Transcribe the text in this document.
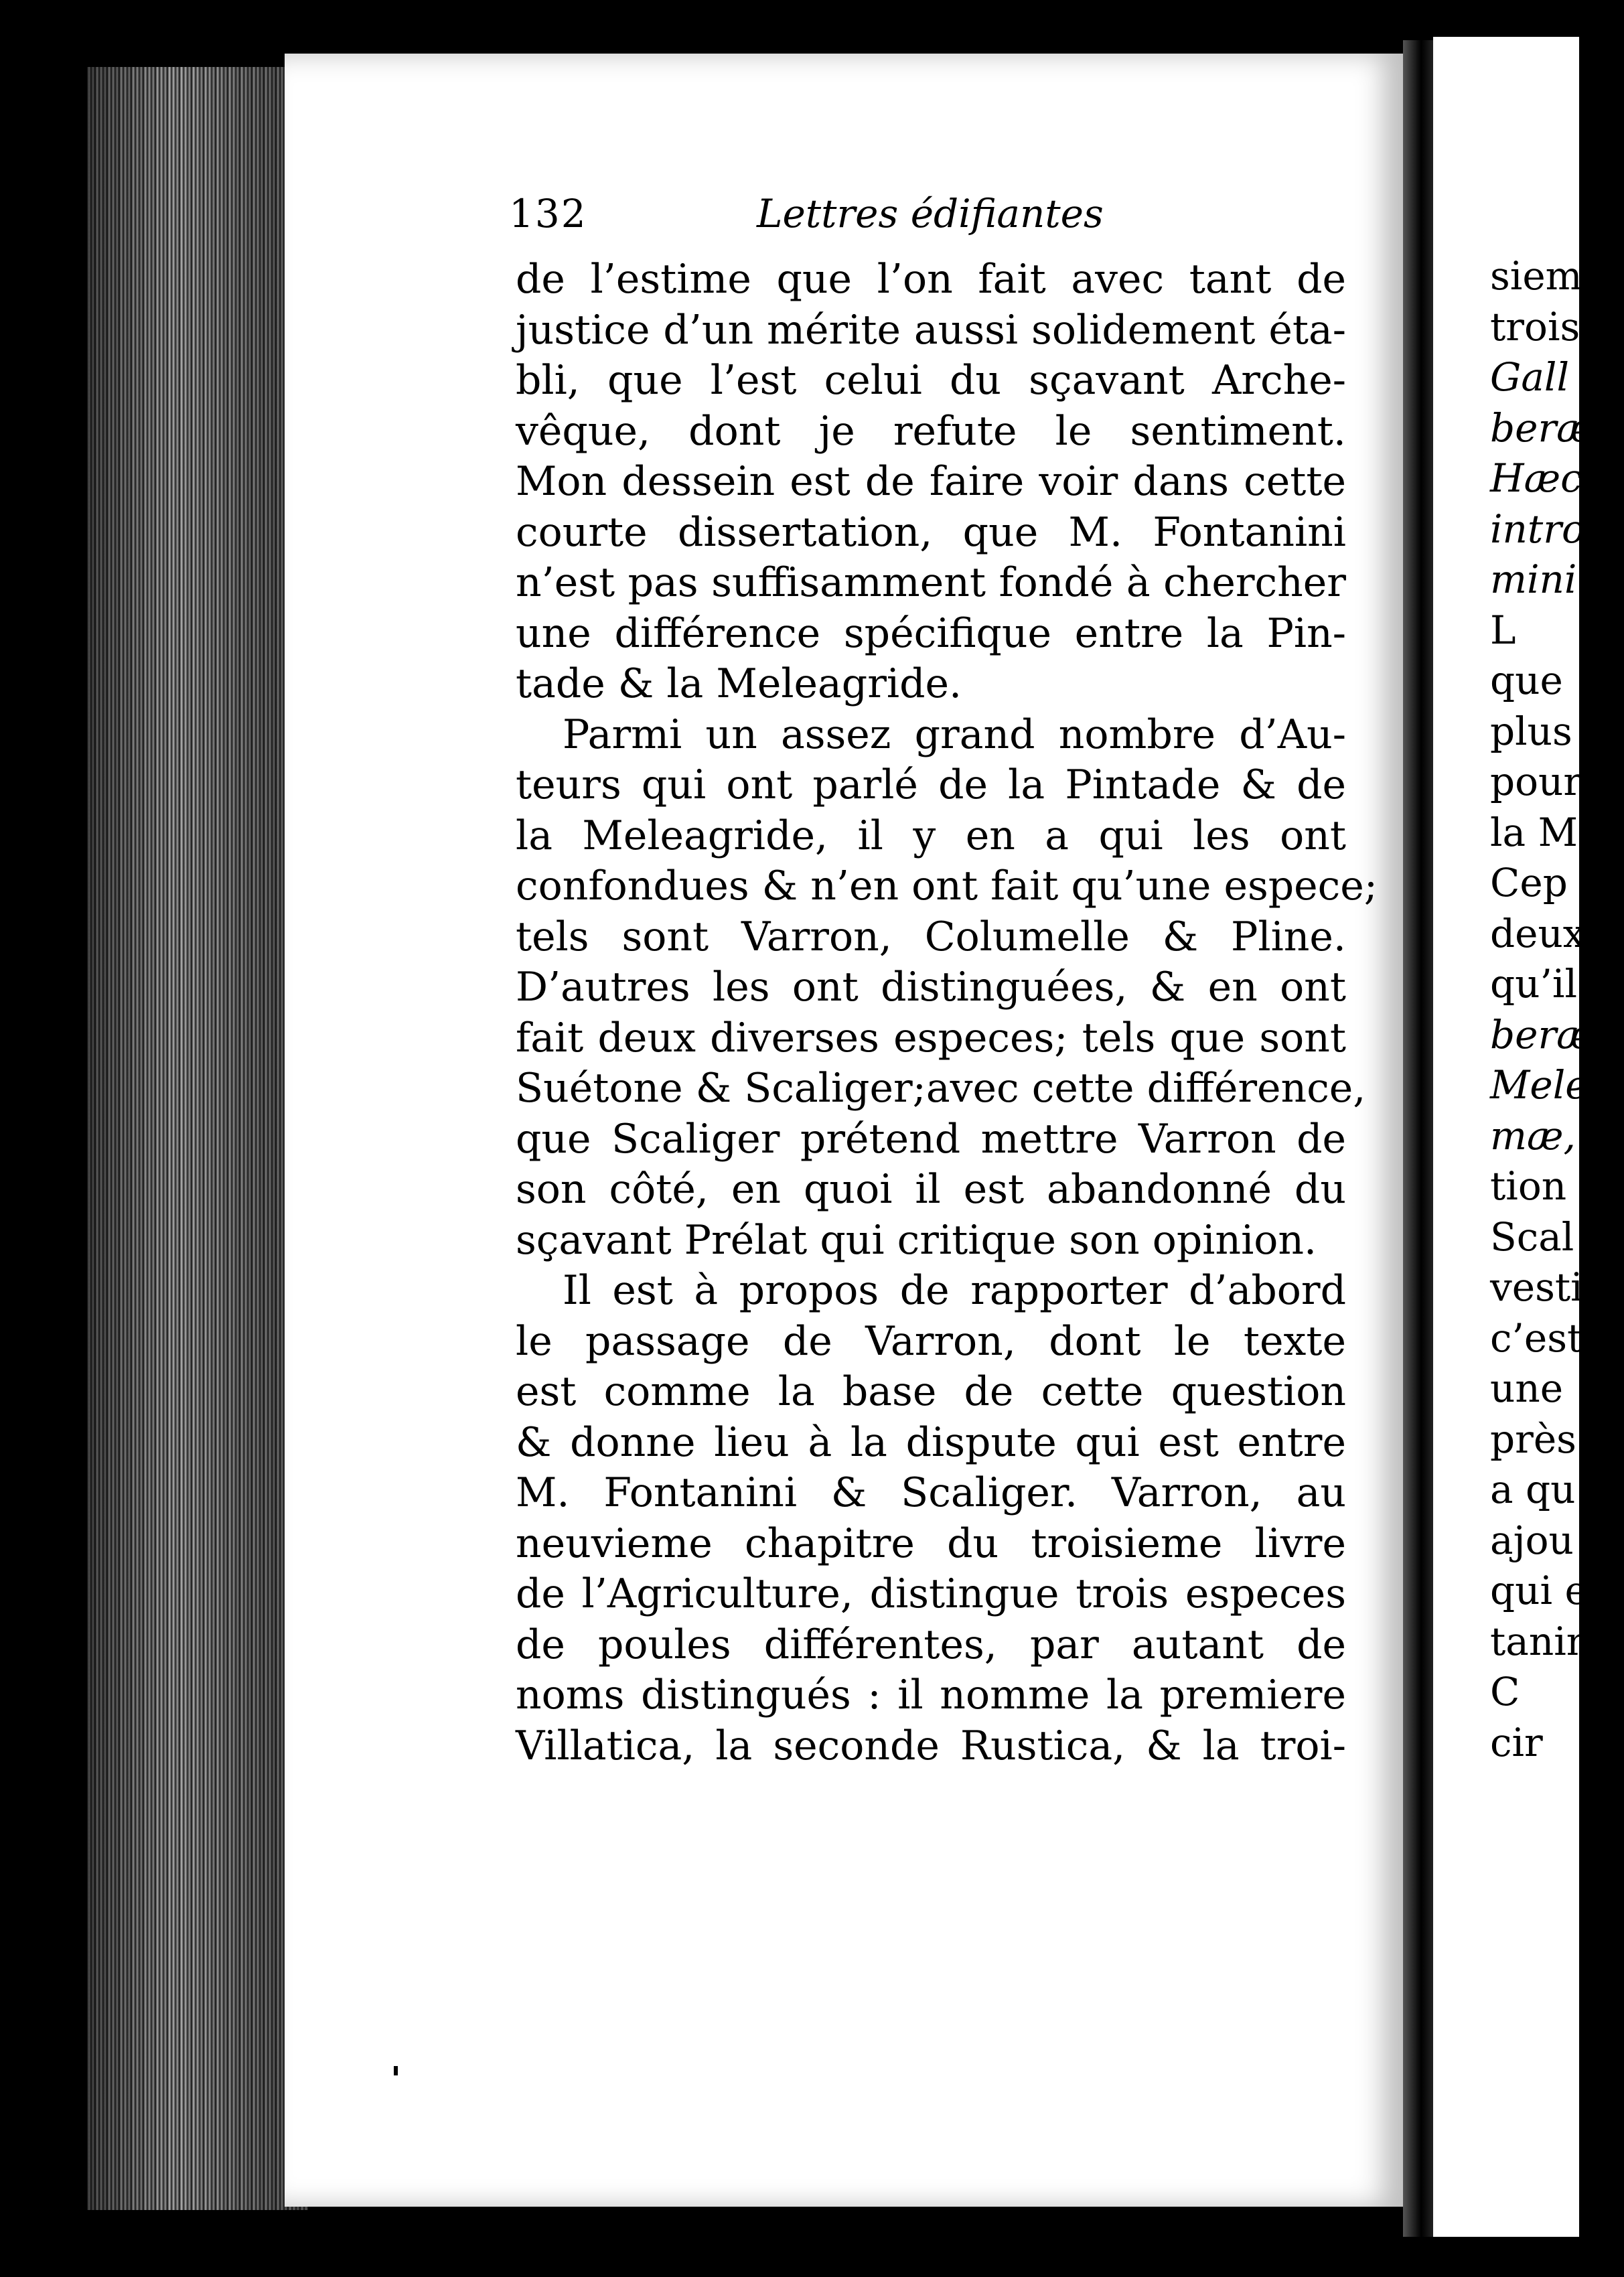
132	Lettres édifiantes
de l’estime que l’on fait avec tant de
justice d’un mérite aussi solidement éta-
bli, que l’est celui du sçavant Arche-
vêque, dont je refute le sentiment.
Mon dessein est de faire voir dans cette
courte dissertation, que M. Fontanini
n’est pas suffisamment fondé à chercher
une différence spécifique entre la Pin-
tade & la Meleagride.
Parmi un assez grand nombre d’Au-
teurs qui ont parlé de la Pintade & de
la Meleagride, il y en a qui les ont
confondues & n’en ont fait qu’une espece;
tels sont Varron, Columelle & Pline.
D’autres les ont distinguées, & en ont
fait deux diverses especes; tels que sont
Suétone & Scaliger;avec cette différence,
que Scaliger prétend mettre Varron de
son côté, en quoi il est abandonné du
sçavant Prélat qui critique son opinion.
Il est à propos de rapporter d’abord
le passage de Varron, dont le texte
est comme la base de cette question
& donne lieu à la dispute qui est entre
M. Fontanini & Scaliger. Varron, au
neuvieme chapitre du troisieme livre
de l’Agriculture, distingue trois especes
de poules différentes, par autant de
noms distingués : il nomme la premiere
Villatica, la seconde Rustica, & la troi-
siem
trois
Gall
beræ
Hæc
intro
mini
L
que
plus
pour
la M
Cep
deux
qu’il
beræ
Mele
mæ,
tion
Scal
vesti
c’est
une
près
a qu
ajou
qui e
tanin
C
cir
